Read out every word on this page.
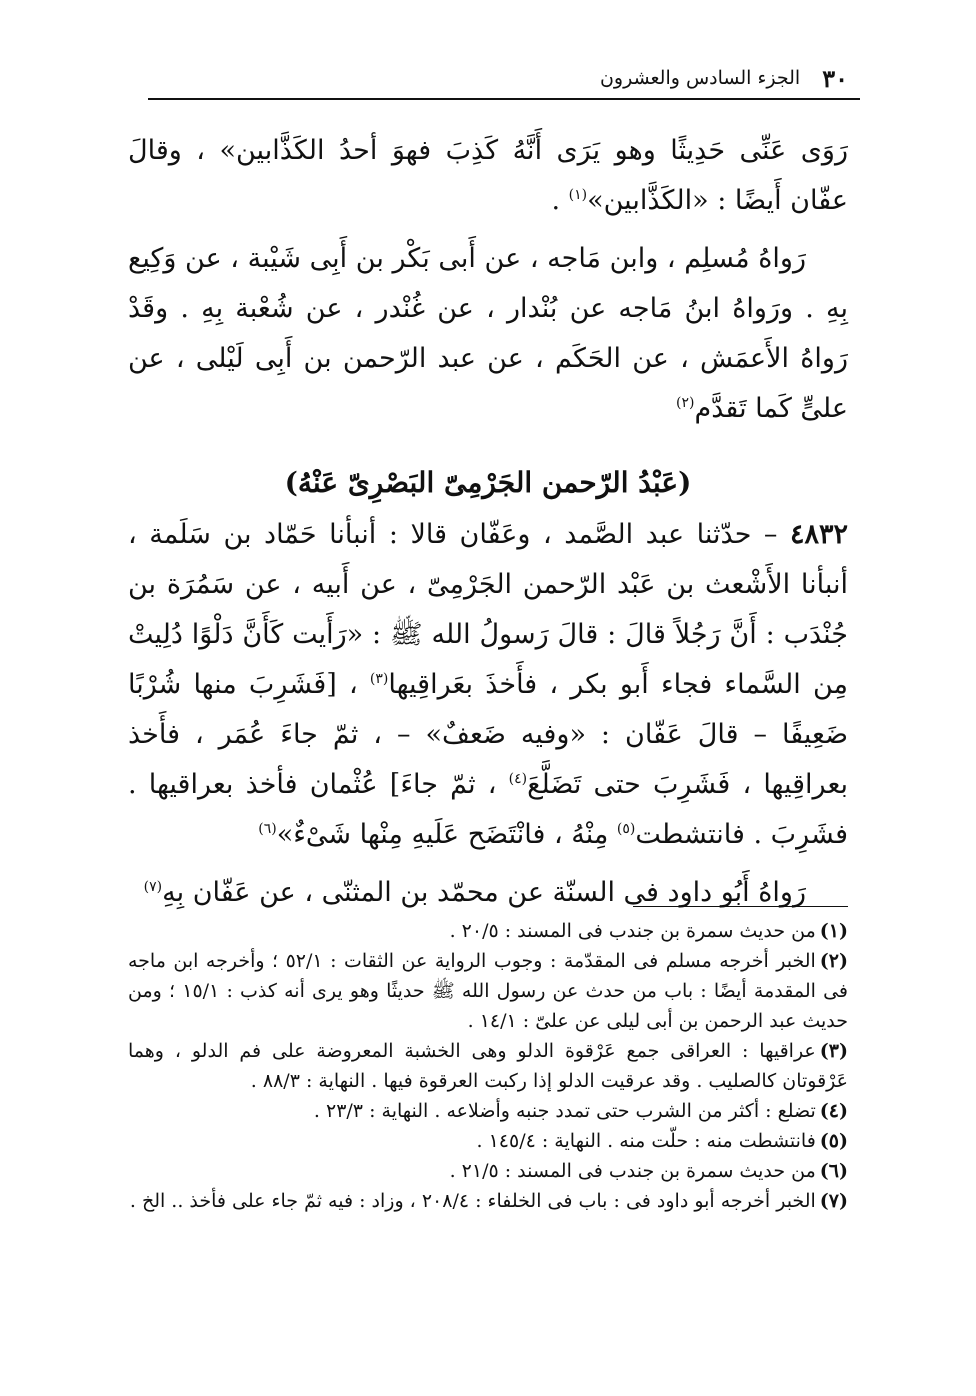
٣٠
الجزء السادس والعشرون

رَوَى عَنِّى حَدِيثًا وهو يَرَى أَنَّهُ كَذِبَ فهوَ أحدُ الكَذَّابين» ، وقالَ عفّان أَيضًا : «الكَذَّابين»$^{(١)}$ .

رَواهُ مُسلِم ، وابن مَاجه ، عن أَبى بَكْر بن أَبِى شَيْبة ، عن وَكِيع بِهِ . ورَواهُ ابنُ مَاجه عن بُنْدار ، عن غُنْدر ، عن شُعْبة بِهِ . وقَدْ رَواهُ الأَعمَش ، عن الحَكَم ، عن عبد الرّحمن بن أَبِى لَيْلى ، عن علىٍّ كَما تَقدَّم$^{(٢)}$

(عَبْدُ الرّحمن الجَرْمِىّ البَصْرِىّ عَنْهُ)

٤٨٣٢ – حدّثنا عبد الصَّمد ، وعَفّان قالا : أنبأنا حَمّاد بن سَلَمة ، أنبأنا الأَشْعث بن عَبْد الرّحمن الجَرْمِىّ ، عن أَبيه ، عن سَمُرَة بن جُنْدَب : أَنَّ رَجُلاً قالَ : قالَ رَسولُ الله ﷺ : «رَأَيت كَأَنَّ دَلْوًا دُلِيتْ مِن السَّماء فجاء أَبو بكر ، فأَخذَ بعَراقِيها$^{(٣)}$ ، [فَشَرِبَ منها شُرْبًا ضَعِيفًا – قالَ عَفّان : «وفيه ضَعفٌ» – ، ثمّ جاءَ عُمَر ، فأَخذ بعراقِيها ، فَشَرِبَ حتى تَضَلَّعَ$^{(٤)}$ ، ثمّ جاءَ] عُثْمان فأخذ بعراقيها . فشَرِبَ . فانتشطت$^{(٥)}$ مِنْهُ ، فانْتَضَح عَلَيهِ مِنْها شَىْءٌ»$^{(٦)}$

رَواهُ أَبُو داود فى السنّة عن محمّد بن المثنّى ، عن عَفّان بِهِ$^{(٧)}$

(١)من حديث سمرة بن جندب فى المسند : ٢٠/٥ .

(٢)الخبر أخرجه مسلم فى المقدّمة : وجوب الرواية عن الثقات : ٥٢/١ ؛ وأخرجه ابن ماجه فى المقدمة أيضًا : باب من حدث عن رسول الله ﷺ حديثًا وهو يرى أنه كذب : ١٥/١ ؛ ومن حديث عبد الرحمن بن أبى ليلى عن علىّ : ١٤/١ .

(٣)عراقيها : العراقى جمع عَرْقوة الدلو وهى الخشبة المعروضة على فم الدلو ، وهما عَرْقوتان كالصليب . وقد عرقيت الدلو إذا ركبت العرقوة فيها . النهاية : ٨٨/٣ .

(٤)تضلع : أكثر من الشرب حتى تمدد جنبه وأضلاعه . النهاية : ٢٣/٣ .

(٥)فانتشطت منه : حلّت منه . النهاية : ١٤٥/٤ .

(٦)من حديث سمرة بن جندب فى المسند : ٢١/٥ .

(٧)الخبر أخرجه أبو داود فى : باب فى الخلفاء : ٢٠٨/٤ ، وزاد : فيه ثمّ جاء على فأخذ .. الخ .
